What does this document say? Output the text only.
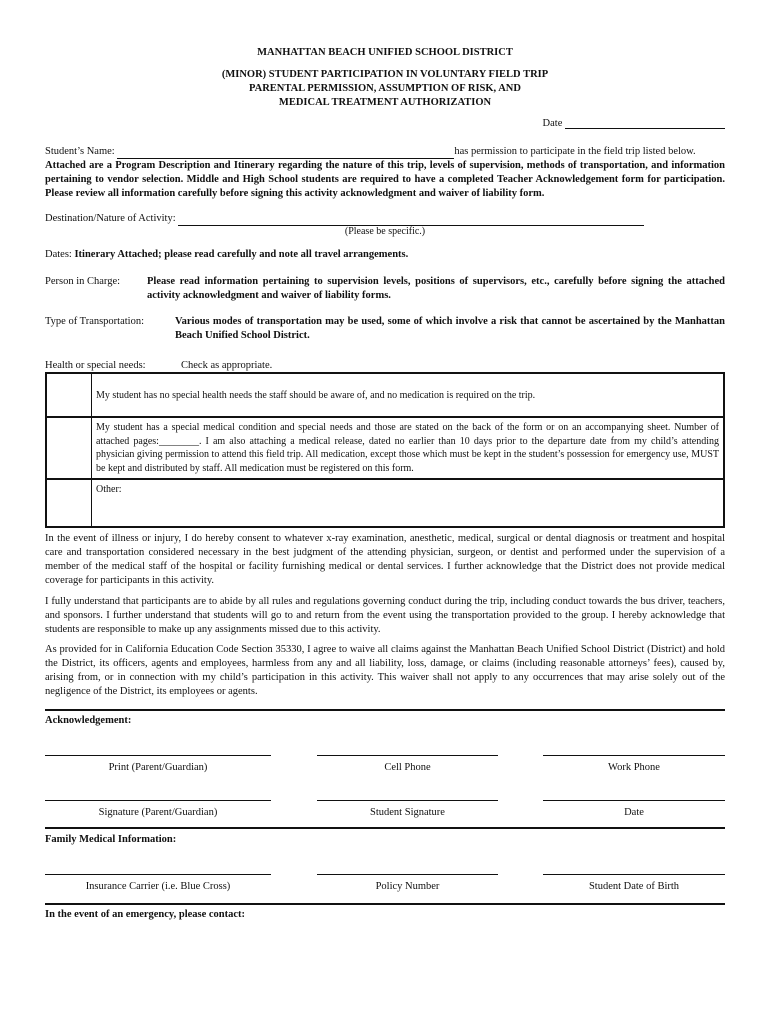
MANHATTAN BEACH UNIFIED SCHOOL DISTRICT
(MINOR) STUDENT PARTICIPATION IN VOLUNTARY FIELD TRIP
PARENTAL PERMISSION, ASSUMPTION OF RISK, AND
MEDICAL TREATMENT AUTHORIZATION
Date
Student’s Name:	has permission to participate in the field trip listed below.
Attached are a Program Description and Itinerary regarding the nature of this trip, levels of supervision, methods of transportation, and information pertaining to vendor selection. Middle and High School students are required to have a completed Teacher Acknowledgement form for participation. Please review all information carefully before signing this activity acknowledgment and waiver of liability form.
Destination/Nature of Activity:
(Please be specific.)
Dates: Itinerary Attached; please read carefully and note all travel arrangements.
Person in Charge:	Please read information pertaining to supervision levels, positions of supervisors, etc., carefully before signing the attached activity acknowledgment and waiver of liability forms.
Type of Transportation:	Various modes of transportation may be used, some of which involve a risk that cannot be ascertained by the Manhattan Beach Unified School District.
Health or special needs:	Check as appropriate.
	My student has no special health needs the staff should be aware of, and no medication is required on the trip.
	My student has a special medical condition and special needs and those are stated on the back of the form or on an accompanying sheet. Number of attached pages:________. I am also attaching a medical release, dated no earlier than 10 days prior to the departure date from my child’s attending physician giving permission to attend this field trip. All medication, except those which must be kept in the student’s possession for emergency use, MUST be kept and distributed by staff. All medication must be registered on this form.
	Other:
In the event of illness or injury, I do hereby consent to whatever x-ray examination, anesthetic, medical, surgical or dental diagnosis or treatment and hospital care and transportation considered necessary in the best judgment of the attending physician, surgeon, or dentist and performed under the supervision of a member of the medical staff of the hospital or facility furnishing medical or dental services. I further acknowledge that the District does not provide medical coverage for participants in this activity.
I fully understand that participants are to abide by all rules and regulations governing conduct during the trip, including conduct towards the bus driver, teachers, and sponsors. I further understand that students will go to and return from the event using the transportation provided to the group. I hereby acknowledge that students are responsible to make up any assignments missed due to this activity.
As provided for in California Education Code Section 35330, I agree to waive all claims against the Manhattan Beach Unified School District (District) and hold the District, its officers, agents and employees, harmless from any and all liability, loss, damage, or claims (including reasonable attorneys’ fees), caused by, arising from, or in connection with my child’s participation in this activity. This waiver shall not apply to any occurrences that may arise solely out of the negligence of the District, its employees or agents.
Acknowledgement:
Print (Parent/Guardian)	Cell Phone	Work Phone
Signature (Parent/Guardian)	Student Signature	Date
Family Medical Information:
Insurance Carrier (i.e. Blue Cross)	Policy Number	Student Date of Birth
In the event of an emergency, please contact:
